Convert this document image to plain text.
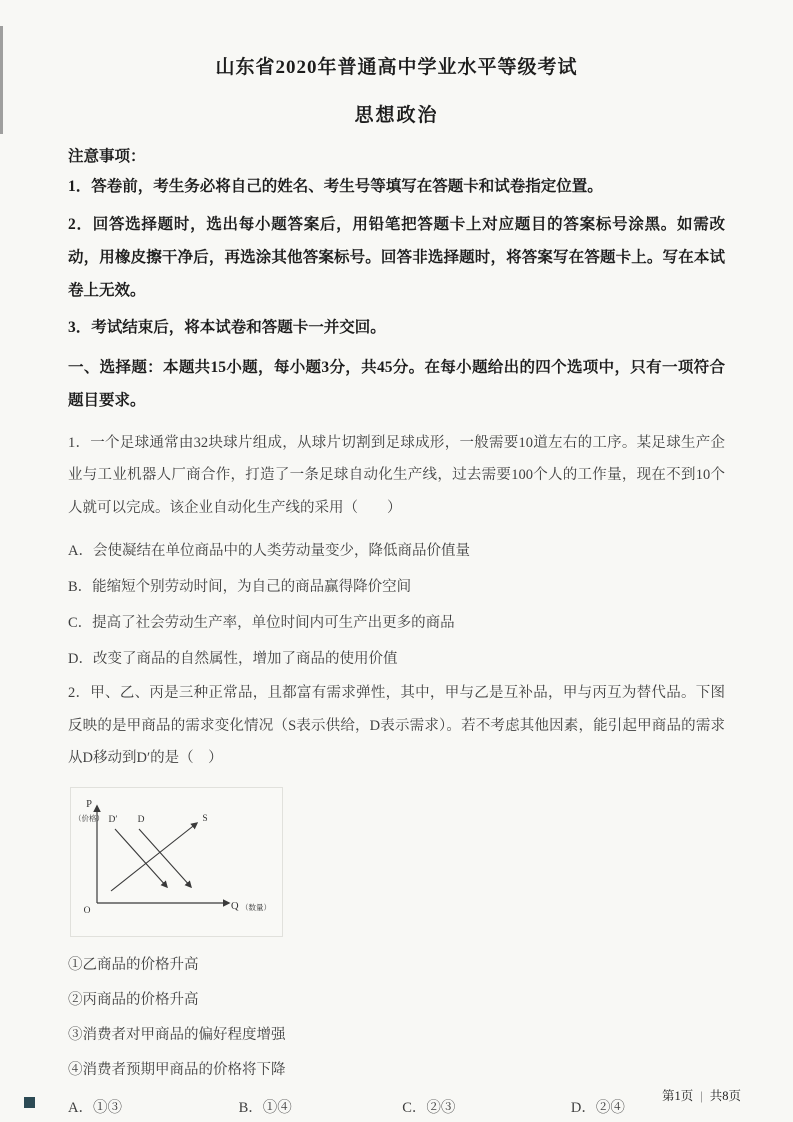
山东省2020年普通高中学业水平等级考试
思想政治
注意事项：
1．答卷前，考生务必将自己的姓名、考生号等填写在答题卡和试卷指定位置。
2．回答选择题时，选出每小题答案后，用铅笔把答题卡上对应题目的答案标号涂黑。如需改动，用橡皮擦干净后，再选涂其他答案标号。回答非选择题时，将答案写在答题卡上。写在本试卷上无效。
3．考试结束后，将本试卷和答题卡一并交回。
一、选择题：本题共15小题，每小题3分，共45分。在每小题给出的四个选项中，只有一项符合题目要求。
1．一个足球通常由32块球片组成，从球片切割到足球成形，一般需要10道左右的工序。某足球生产企业与工业机器人厂商合作，打造了一条足球自动化生产线，过去需要100个人的工作量，现在不到10个人就可以完成。该企业自动化生产线的采用（　　）
A．会使凝结在单位商品中的人类劳动量变少，降低商品价值量
B．能缩短个别劳动时间，为自己的商品赢得降价空间
C．提高了社会劳动生产率，单位时间内可生产出更多的商品
D．改变了商品的自然属性，增加了商品的使用价值
2．甲、乙、丙是三种正常品，且都富有需求弹性，其中，甲与乙是互补品，甲与丙互为替代品。下图反映的是甲商品的需求变化情况（S表示供给，D表示需求）。若不考虑其他因素，能引起甲商品的需求从D移动到D′的是（　）
P
（价格）
Q （数量）
O
D′ D	S
①乙商品的价格升高
②丙商品的价格升高
③消费者对甲商品的偏好程度增强
④消费者预期甲商品的价格将下降
A．①③	B．①④	C．②③	D．②④
第1页 | 共8页
